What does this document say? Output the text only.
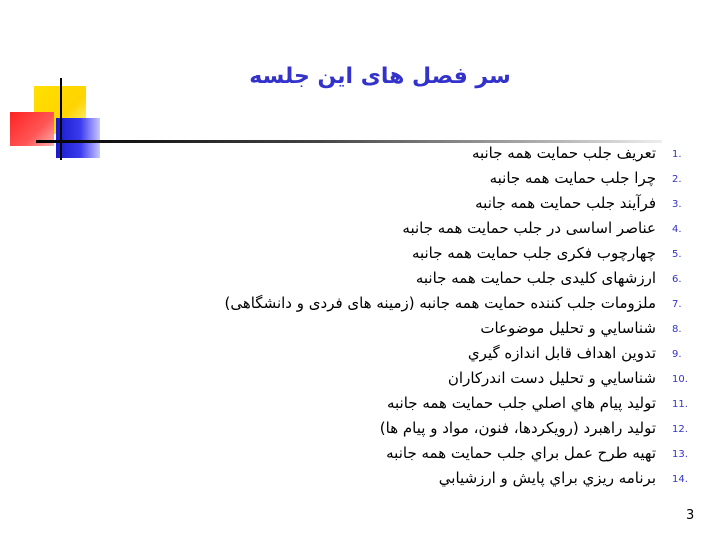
سر فصل های این جلسه
1.
تعریف جلب حمایت همه جانبه
2.
چرا جلب حمایت همه جانبه
3.
فرآیند جلب حمایت همه جانبه
4.
عناصر اساسی در جلب حمایت همه جانبه
5.
چهارچوب فکری جلب حمایت همه جانبه
6.
ارزشهای کلیدی جلب حمایت همه جانبه
7.
ملزومات جلب کننده حمایت همه جانبه (زمینه های فردی و دانشگاهی)
8.
شناسايي و تحليل موضوعات
9.
تدوين اهداف قابل اندازه گيري
10.
شناسايي و تحليل دست اندركاران
11.
توليد پيام هاي اصلي جلب حمايت همه جانبه
12.
توليد راهبرد (رویکردها، فنون، مواد و پيام ها)
13.
تهيه طرح عمل براي جلب حمايت همه جانبه
14.
برنامه ريزي براي پايش و ارزشيابي
3
